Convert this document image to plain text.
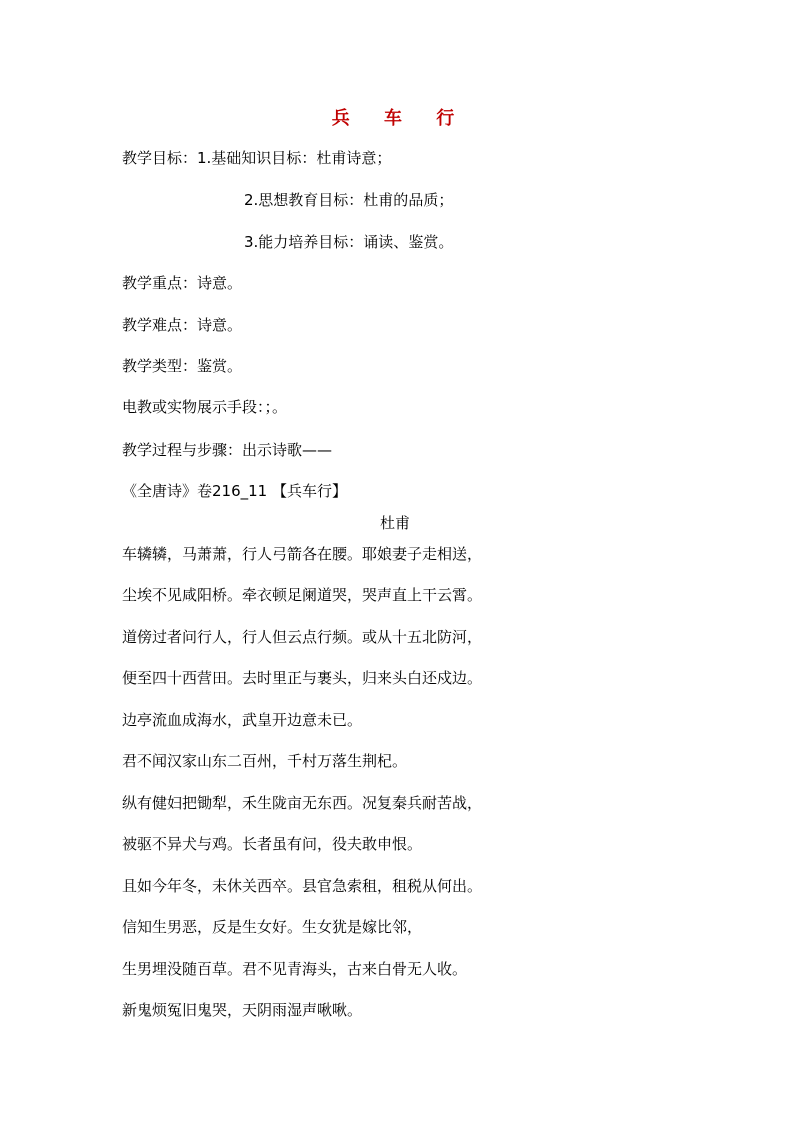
兵 车 行
教学目标：1.基础知识目标：杜甫诗意；
2.思想教育目标：杜甫的品质；
3.能力培养目标：诵读、鉴赏。
教学重点：诗意。
教学难点：诗意。
教学类型：鉴赏。
电教或实物展示手段：；。
教学过程与步骤：出示诗歌——
《全唐诗》卷216_11 【兵车行】
杜甫
车辚辚，马萧萧，行人弓箭各在腰。耶娘妻子走相送，
尘埃不见咸阳桥。牵衣顿足阑道哭，哭声直上干云霄。
道傍过者问行人，行人但云点行频。或从十五北防河，
便至四十西营田。去时里正与裹头，归来头白还戍边。
边亭流血成海水，武皇开边意未已。
君不闻汉家山东二百州，千村万落生荆杞。
纵有健妇把锄犁，禾生陇亩无东西。况复秦兵耐苦战，
被驱不异犬与鸡。长者虽有问，役夫敢申恨。
且如今年冬，未休关西卒。县官急索租，租税从何出。
信知生男恶，反是生女好。生女犹是嫁比邻，
生男埋没随百草。君不见青海头，古来白骨无人收。
新鬼烦冤旧鬼哭，天阴雨湿声啾啾。
